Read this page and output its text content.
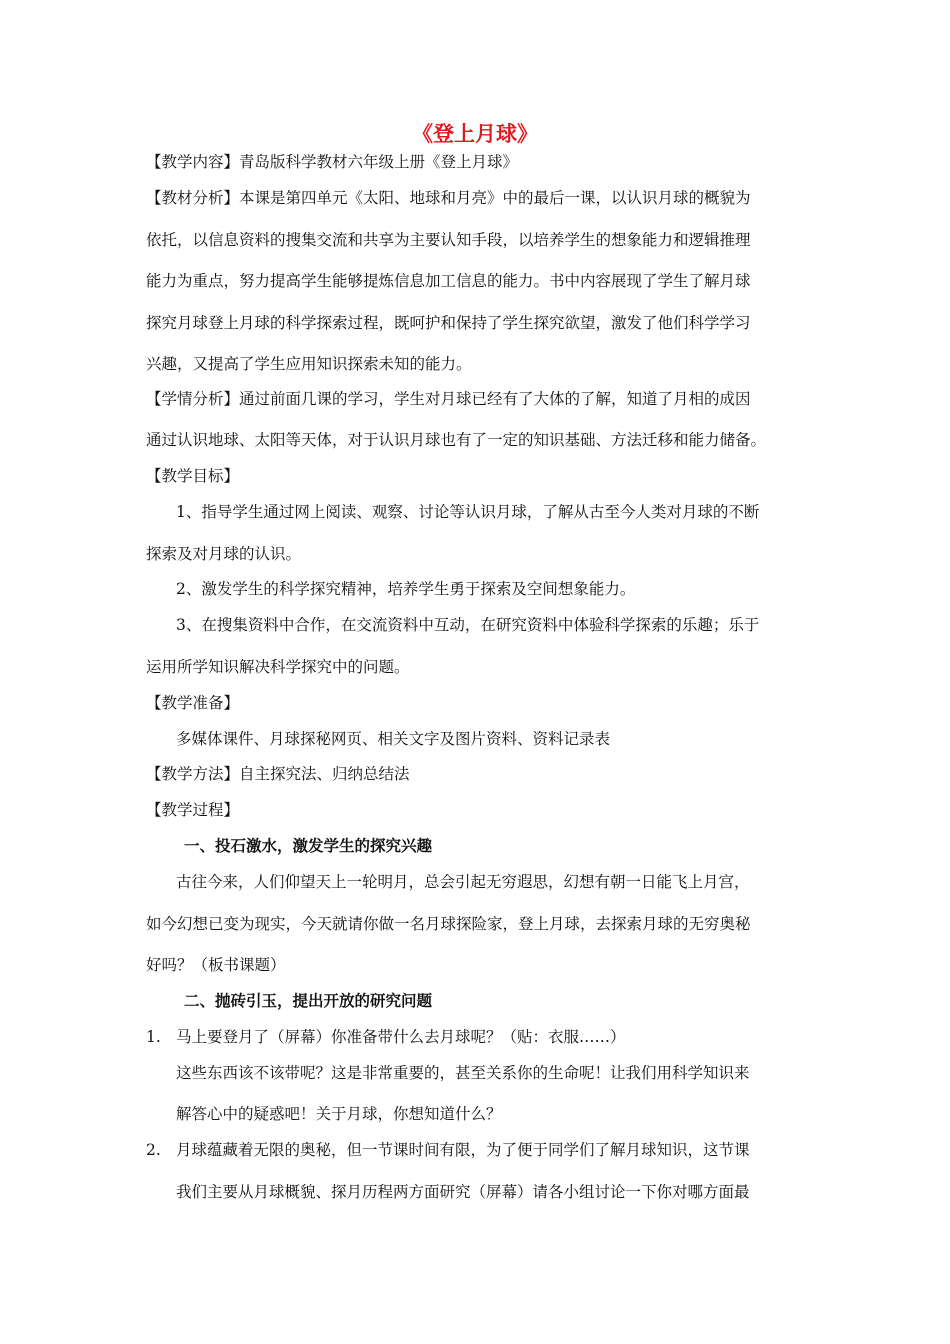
《登上月球》
【教学内容】青岛版科学教材六年级上册《登上月球》
【教材分析】本课是第四单元《太阳、地球和月亮》中的最后一课，以认识月球的概貌为
依托，以信息资料的搜集交流和共享为主要认知手段，以培养学生的想象能力和逻辑推理
能力为重点，努力提高学生能够提炼信息加工信息的能力。书中内容展现了学生了解月球
探究月球登上月球的科学探索过程，既呵护和保持了学生探究欲望，激发了他们科学学习
兴趣，又提高了学生应用知识探索未知的能力。
【学情分析】通过前面几课的学习，学生对月球已经有了大体的了解，知道了月相的成因
通过认识地球、太阳等天体，对于认识月球也有了一定的知识基础、方法迁移和能力储备。
【教学目标】
1、指导学生通过网上阅读、观察、讨论等认识月球，了解从古至今人类对月球的不断
探索及对月球的认识。
2、激发学生的科学探究精神，培养学生勇于探索及空间想象能力。
3、在搜集资料中合作，在交流资料中互动，在研究资料中体验科学探索的乐趣；乐于
运用所学知识解决科学探究中的问题。
【教学准备】
多媒体课件、月球探秘网页、相关文字及图片资料、资料记录表
【教学方法】自主探究法、归纳总结法
【教学过程】
一、投石激水，激发学生的探究兴趣
古往今来，人们仰望天上一轮明月，总会引起无穷遐思，幻想有朝一日能飞上月宫，
如今幻想已变为现实，今天就请你做一名月球探险家，登上月球，去探索月球的无穷奥秘
好吗？（板书课题）
二、抛砖引玉，提出开放的研究问题
1. 马上要登月了（屏幕）你准备带什么去月球呢？（贴：衣服……）
这些东西该不该带呢？这是非常重要的，甚至关系你的生命呢！让我们用科学知识来
解答心中的疑惑吧！关于月球，你想知道什么？
2. 月球蕴藏着无限的奥秘，但一节课时间有限，为了便于同学们了解月球知识，这节课
我们主要从月球概貌、探月历程两方面研究（屏幕）请各小组讨论一下你对哪方面最
